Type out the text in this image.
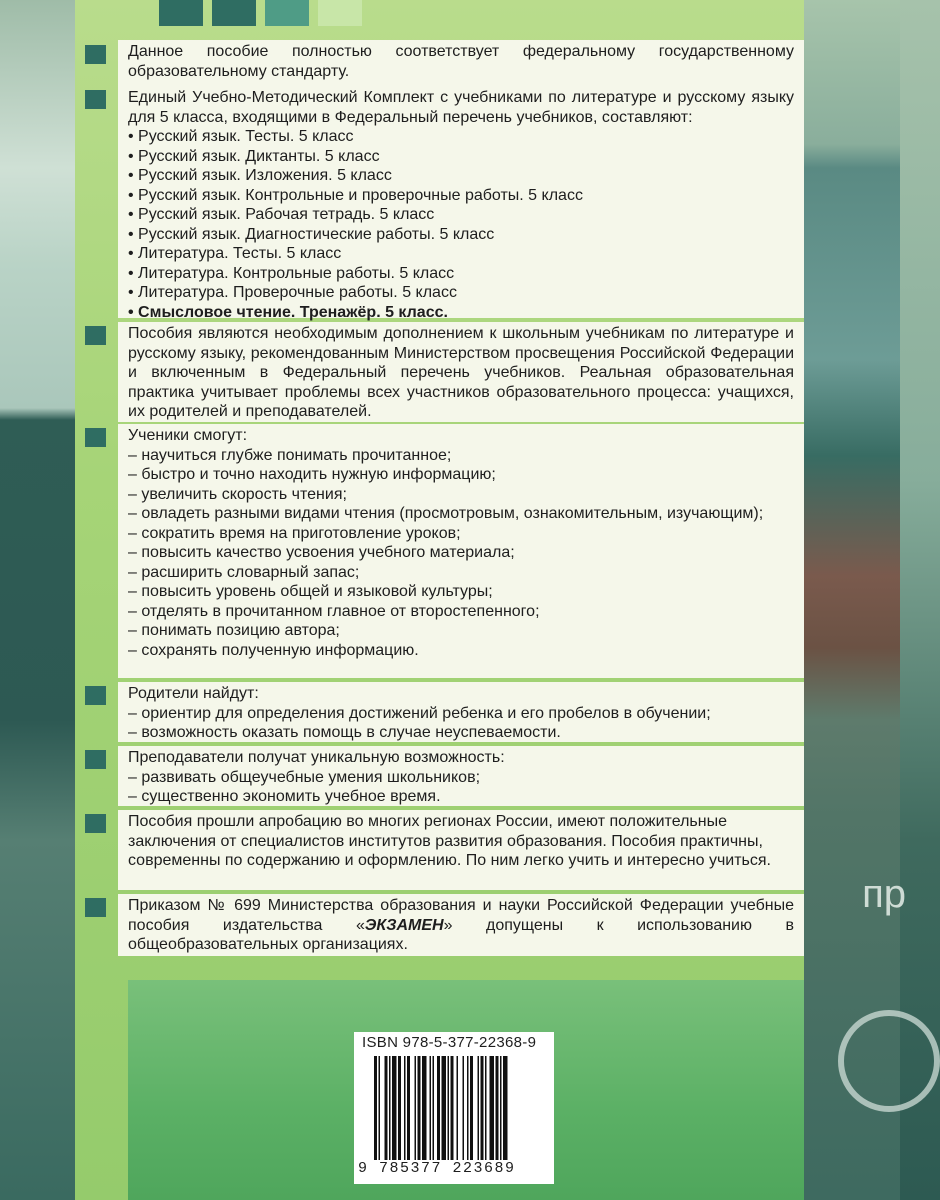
пр

Данное пособие полностью соответствует федеральному государственному образовательному стандарту.

Единый Учебно-Методический Комплект с учебниками по литературе и русскому языку для 5 класса, входящими в Федеральный перечень учебников, составляют:

• Русский язык. Тесты. 5 класс

• Русский язык. Диктанты. 5 класс

• Русский язык. Изложения. 5 класс

• Русский язык. Контрольные и проверочные работы. 5 класс

• Русский язык. Рабочая тетрадь. 5 класс

• Русский язык. Диагностические работы. 5 класс

• Литература. Тесты. 5 класс

• Литература. Контрольные работы. 5 класс

• Литература. Проверочные работы. 5 класс

• Смысловое чтение. Тренажёр. 5 класс.

Пособия являются необходимым дополнением к школьным учебникам по литературе и русскому языку, рекомендованным Министерством просвещения Российской Федерации и включенным в Федеральный перечень учебников. Реальная образовательная практика учитывает проблемы всех участников образовательного процесса: учащихся, их родителей и преподавателей.

Ученики смогут:

– научиться глубже понимать прочитанное;

– быстро и точно находить нужную информацию;

– увеличить скорость чтения;

– овладеть разными видами чтения (просмотровым, ознакомительным, изучающим);

– сократить время на приготовление уроков;

– повысить качество усвоения учебного материала;

– расширить словарный запас;

– повысить уровень общей и языковой культуры;

– отделять в прочитанном главное от второстепенного;

– понимать позицию автора;

– сохранять полученную информацию.

Родители найдут:

– ориентир для определения достижений ребенка и его пробелов в обучении;

– возможность оказать помощь в случае неуспеваемости.

Преподаватели получат уникальную возможность:

– развивать общеучебные умения школьников;

– существенно экономить учебное время.

Пособия прошли апробацию во многих регионах России, имеют положительные заключения от специалистов институтов развития образования. Пособия практичны, современны по содержанию и оформлению. По ним легко учить и интересно учиться.

Приказом № 699 Министерства образования и науки Российской Федерации учебные пособия издательства «ЭКЗАМЕН» допущены к использованию в общеобразовательных организациях.

ISBN 978-5-377-22368-9
9 785377 223689
